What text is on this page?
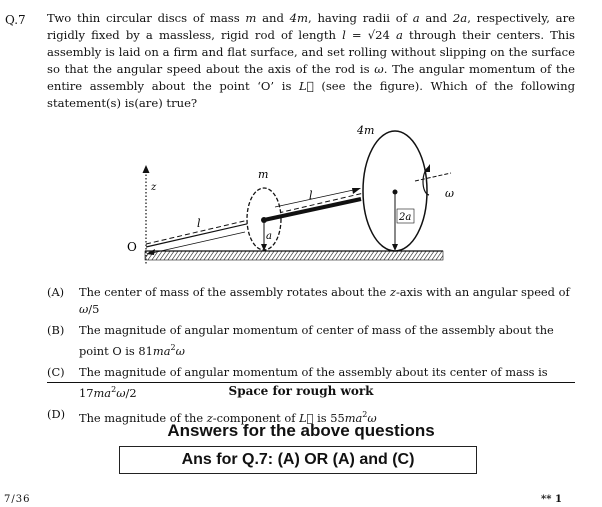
Q.7 Two thin circular discs of mass m and 4m, having radii of a and 2a, respectively, are rigidly fixed by a massless, rigid rod of length l = √24 a through their centers. This assembly is laid on a firm and flat surface, and set rolling without slipping on the surface so that the angular speed about the axis of the rod is ω. The angular momentum of the entire assembly about the point ‘O’ is L⃗ (see the figure). Which of the following statement(s) is(are) true?
z
O
l
m
a
l
4m
2a
ω
(A)	The center of mass of the assembly rotates about the z-axis with an angular speed of ω/5
(B)	The magnitude of angular momentum of center of mass of the assembly about the point O is $81ma^2\omega$
(C)	The magnitude of angular momentum of the assembly about its center of mass is $17ma^2\omega/2$
(D)	The magnitude of the z-component of L⃗ is $55ma^2\omega$
Space for rough work
Answers for the above questions
Ans for Q.7: (A) OR (A) and (C)
7/36	** 1
